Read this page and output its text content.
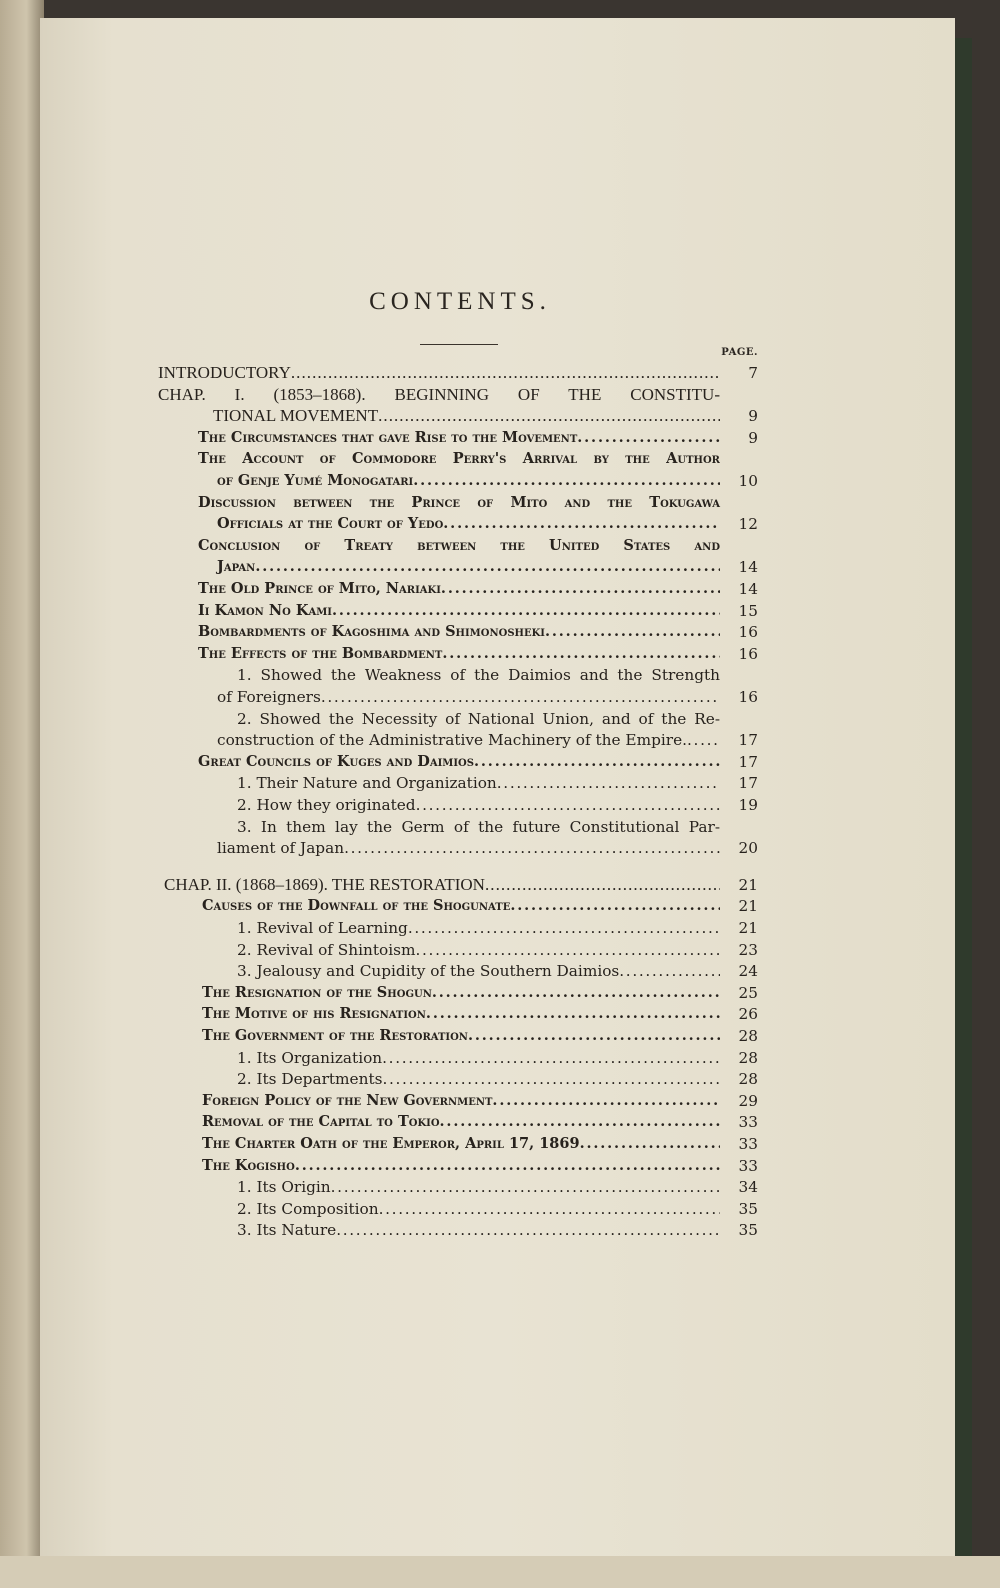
CONTENTS.
PAGE.
7
INTRODUCTORY
. . .
CHAP. I. (1853–1868). BEGINNING OF THE CONSTITU-
9
TIONAL MOVEMENT
. . .
9
The Circumstances that gave Rise to the Movement
. . .
The Account of Commodore Perry's Arrival by the Author
10
of Genje Yumé Monogatari
. . .
Discussion between the Prince of Mito and the Tokugawa
12
Officials at the Court of Yedo
. . .
Conclusion of Treaty between the United States and
14
Japan
. . .
14
The Old Prince of Mito, Nariaki
. . .
15
Ii Kamon No Kami
. . .
16
Bombardments of Kagoshima and Shimonosheki
. . .
16
The Effects of the Bombardment
. . .
1. Showed the Weakness of the Daimios and the Strength
16
of Foreigners
. . .
2. Showed the Necessity of National Union, and of the Re-
17
construction of the Administrative Machinery of the Empire.
. . .
17
Great Councils of Kuges and Daimios
. . .
17
1. Their Nature and Organization
. . .
19
2. How they originated
. . .
3. In them lay the Germ of the future Constitutional Par-
20
liament of Japan
. . .
21
CHAP. II. (1868–1869). THE RESTORATION
. . .
21
Causes of the Downfall of the Shogunate
. . .
21
1. Revival of Learning
. . .
23
2. Revival of Shintoism
. . .
24
3. Jealousy and Cupidity of the Southern Daimios
. . .
25
The Resignation of the Shogun
. . .
26
The Motive of his Resignation
. . .
28
The Government of the Restoration
. . .
28
1. Its Organization
. . .
28
2. Its Departments
. . .
29
Foreign Policy of the New Government
. . .
33
Removal of the Capital to Tokio
. . .
33
The Charter Oath of the Emperor, April 17, 1869
. . .
33
The Kogisho
. . .
34
1. Its Origin
. . .
35
2. Its Composition
. . .
35
3. Its Nature
. . .
